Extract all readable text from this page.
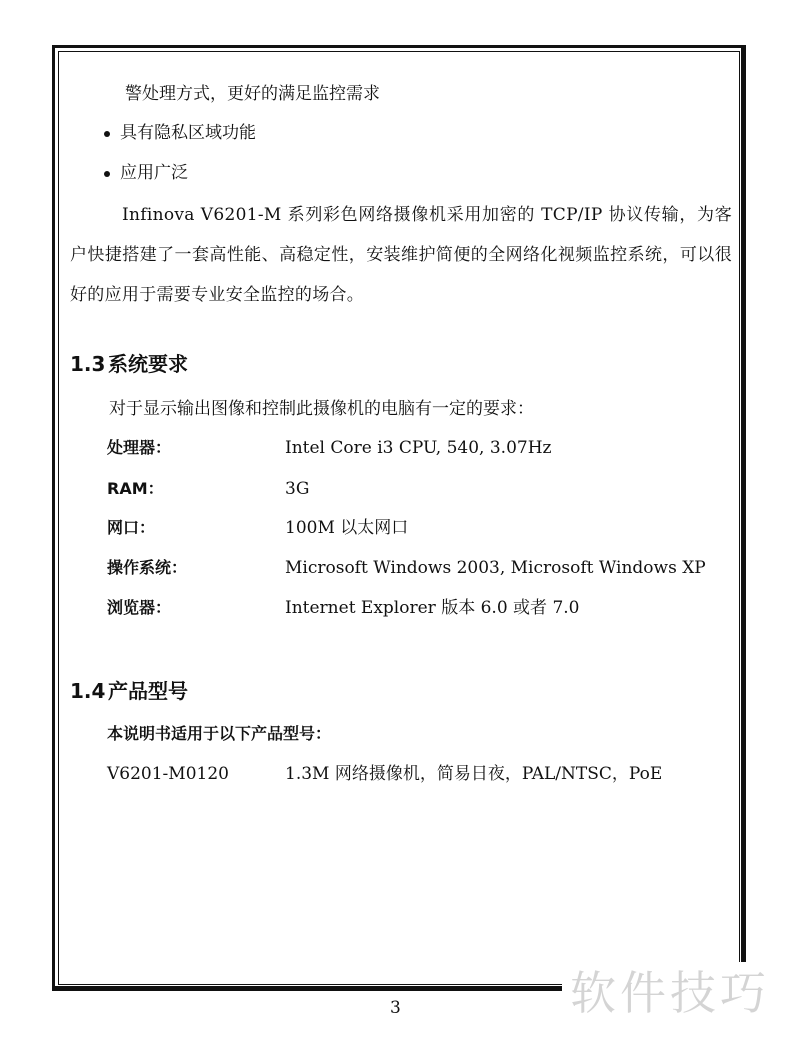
警处理方式，更好的满足监控需求
具有隐私区域功能
应用广泛
Infinova V6201-M 系列彩色网络摄像机采用加密的 TCP/IP 协议传输，为客户快捷搭建了一套高性能、高稳定性，安装维护简便的全网络化视频监控系统，可以很好的应用于需要专业安全监控的场合。
1.3 系统要求
对于显示输出图像和控制此摄像机的电脑有一定的要求：
处理器：	Intel Core i3 CPU, 540, 3.07Hz
RAM：	3G
网口：	100M 以太网口
操作系统：	Microsoft Windows 2003, Microsoft Windows XP
浏览器：	Internet Explorer 版本 6.0 或者 7.0
1.4 产品型号
本说明书适用于以下产品型号：
V6201-M0120	1.3M 网络摄像机，简易日夜，PAL/NTSC，PoE
3	软件技巧
